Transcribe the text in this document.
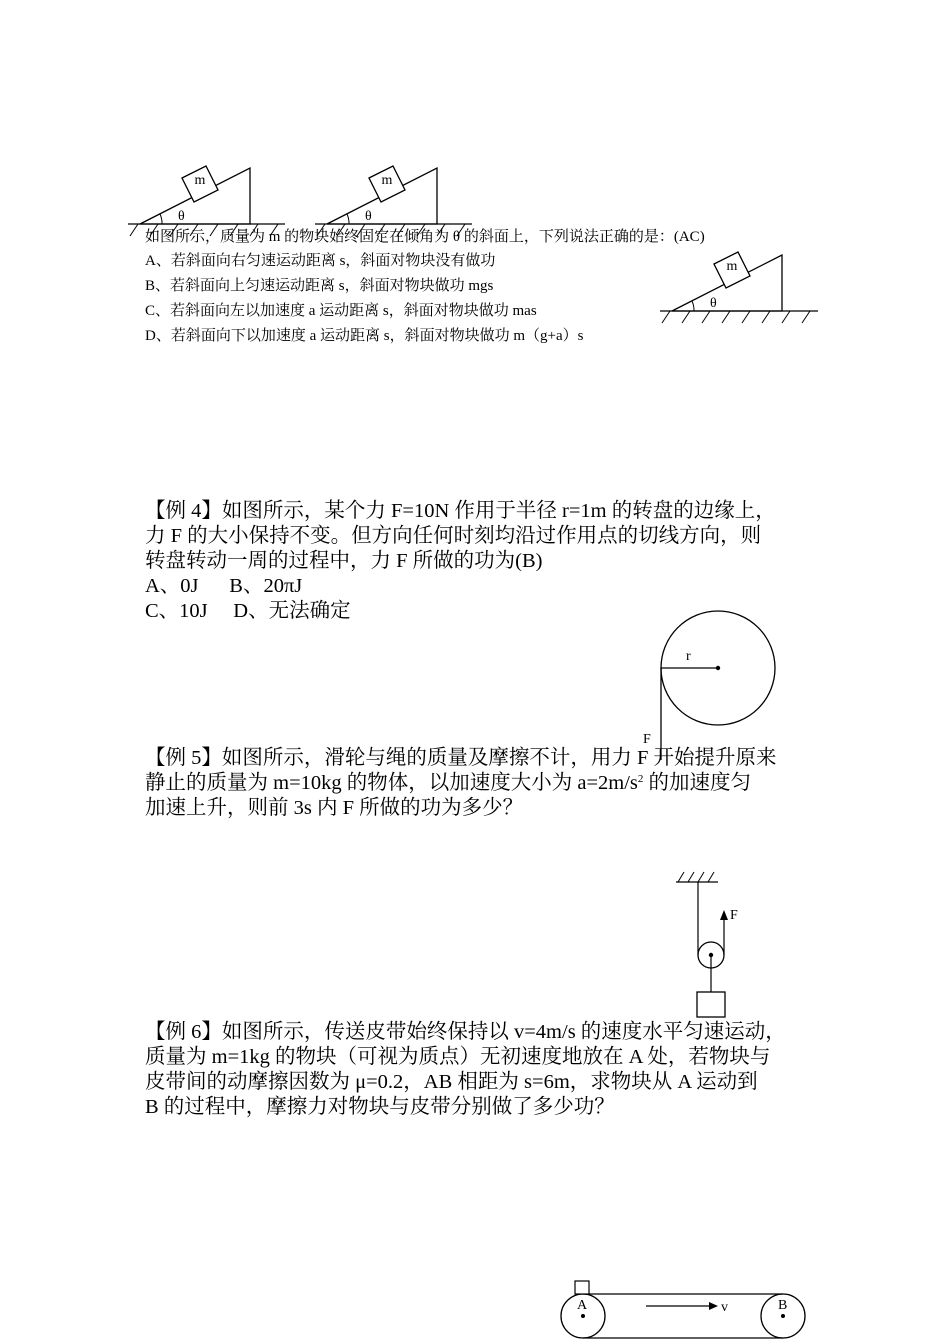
m
θ
m
θ
m
θ
r
F
F
A	B
v
如图所示，质量为 m 的物块始终固定在倾角为 θ 的斜面上，下列说法正确的是：(AC)
A、若斜面向右匀速运动距离 s，斜面对物块没有做功
B、若斜面向上匀速运动距离 s，斜面对物块做功 mgs
C、若斜面向左以加速度 a 运动距离 s，斜面对物块做功 mas
D、若斜面向下以加速度 a 运动距离 s，斜面对物块做功 m（g+a）s
【例 4】如图所示，某个力 F=10N 作用于半径 r=1m 的转盘的边缘上，
力 F 的大小保持不变。但方向任何时刻均沿过作用点的切线方向，则
转盘转动一周的过程中，力 F 所做的功为(B)
A、0J      B、20πJ
C、10J     D、无法确定
【例 5】如图所示，滑轮与绳的质量及摩擦不计，用力 F 开始提升原来
静止的质量为 m=10kg 的物体，以加速度大小为 $a=2m/s^2$ 的加速度匀
加速上升，则前 3s 内 F 所做的功为多少？
【例 6】如图所示，传送皮带始终保持以 v=4m/s 的速度水平匀速运动，
质量为 m=1kg 的物块（可视为质点）无初速度地放在 A 处，若物块与
皮带间的动摩擦因数为 μ=0.2，AB 相距为 s=6m，求物块从 A 运动到
B 的过程中，摩擦力对物块与皮带分别做了多少功？
